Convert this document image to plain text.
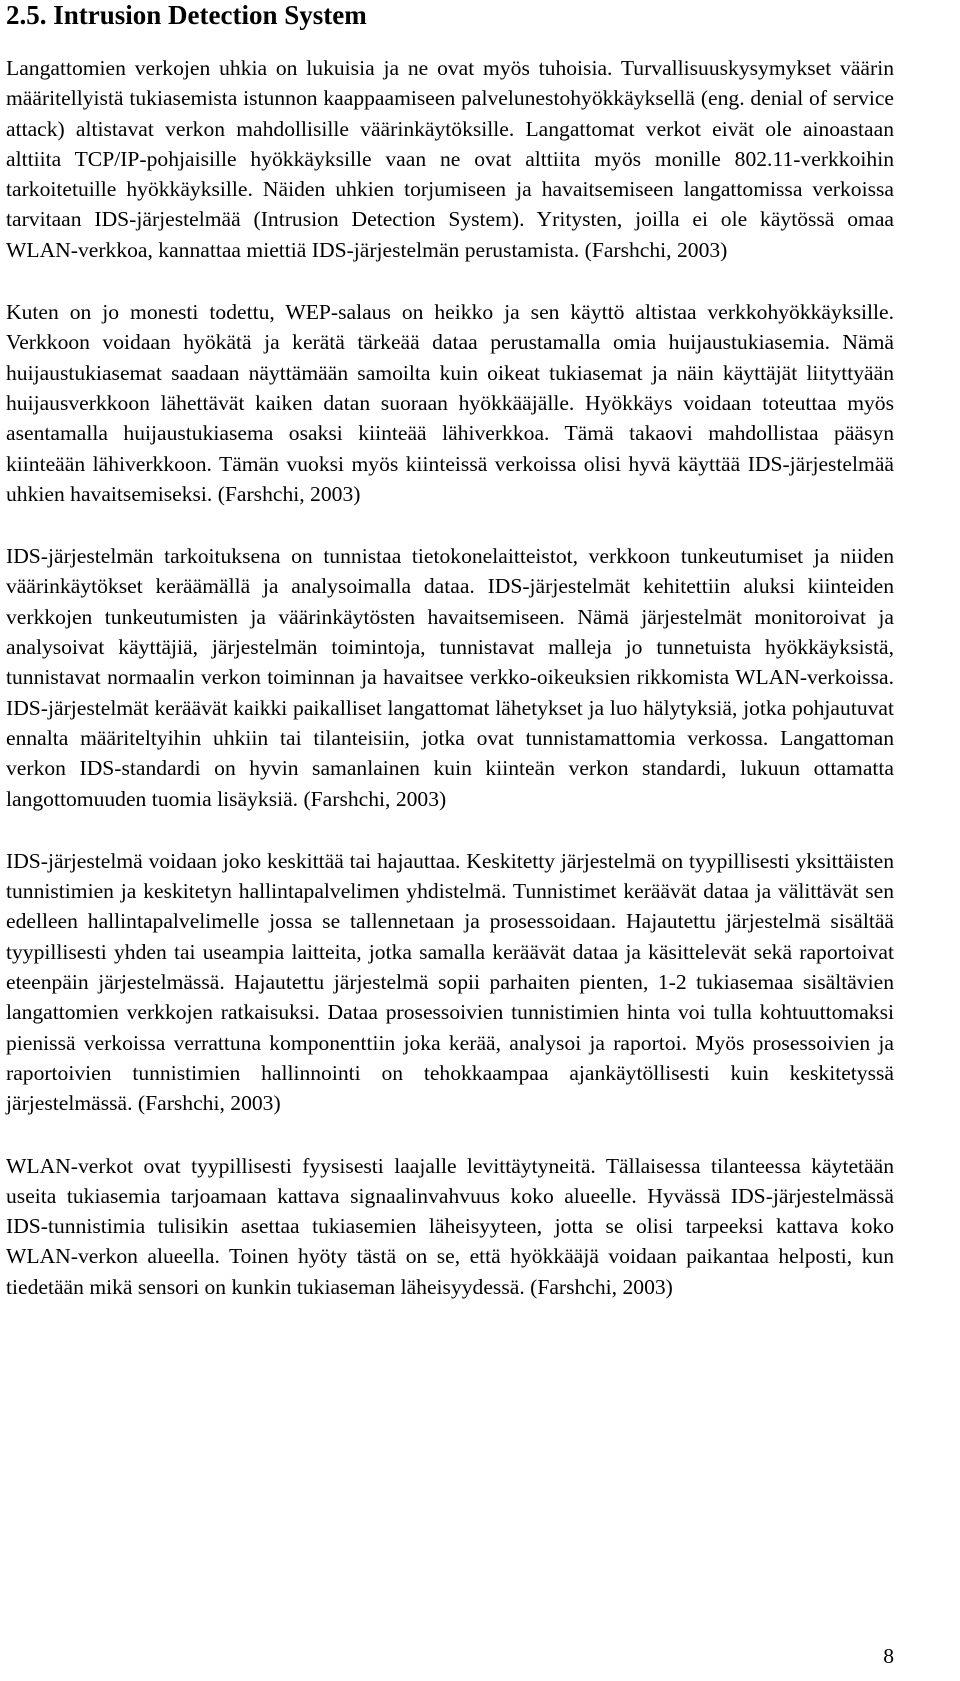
2.5. Intrusion Detection System

Langattomien verkojen uhkia on lukuisia ja ne ovat myös tuhoisia. Turvallisuuskysymykset väärin määritellyistä tukiasemista istunnon kaappaamiseen palvelunestohyökkäyksellä (eng. denial of service attack) altistavat verkon mahdollisille väärinkäytöksille. Langattomat verkot eivät ole ainoastaan alttiita TCP/IP-pohjaisille hyökkäyksille vaan ne ovat alttiita myös monille 802.11-verkkoihin tarkoitetuille hyökkäyksille. Näiden uhkien torjumiseen ja havaitsemiseen langattomissa verkoissa tarvitaan IDS-järjestelmää (Intrusion Detection System). Yritysten, joilla ei ole käytössä omaa WLAN-verkkoa, kannattaa miettiä IDS-järjestelmän perustamista. (Farshchi, 2003)

Kuten on jo monesti todettu, WEP-salaus on heikko ja sen käyttö altistaa verkkohyökkäyksille. Verkkoon voidaan hyökätä ja kerätä tärkeää dataa perustamalla omia huijaustukiasemia. Nämä huijaustukiasemat saadaan näyttämään samoilta kuin oikeat tukiasemat ja näin käyttäjät liityttyään huijausverkkoon lähettävät kaiken datan suoraan hyökkääjälle. Hyökkäys voidaan toteuttaa myös asentamalla huijaustukiasema osaksi kiinteää lähiverkkoa. Tämä takaovi mahdollistaa pääsyn kiinteään lähiverkkoon. Tämän vuoksi myös kiinteissä verkoissa olisi hyvä käyttää IDS-järjestelmää uhkien havaitsemiseksi. (Farshchi, 2003)

IDS-järjestelmän tarkoituksena on tunnistaa tietokonelaitteistot, verkkoon tunkeutumiset ja niiden väärinkäytökset keräämällä ja analysoimalla dataa. IDS-järjestelmät kehitettiin aluksi kiinteiden verkkojen tunkeutumisten ja väärinkäytösten havaitsemiseen. Nämä järjestelmät monitoroivat ja analysoivat käyttäjiä, järjestelmän toimintoja, tunnistavat malleja jo tunnetuista hyökkäyksistä, tunnistavat normaalin verkon toiminnan ja havaitsee verkko-oikeuksien rikkomista WLAN-verkoissa. IDS-järjestelmät keräävät kaikki paikalliset langattomat lähetykset ja luo hälytyksiä, jotka pohjautuvat ennalta määriteltyihin uhkiin tai tilanteisiin, jotka ovat tunnistamattomia verkossa. Langattoman verkon IDS-standardi on hyvin samanlainen kuin kiinteän verkon standardi, lukuun ottamatta langottomuuden tuomia lisäyksiä. (Farshchi, 2003)

IDS-järjestelmä voidaan joko keskittää tai hajauttaa. Keskitetty järjestelmä on tyypillisesti yksittäisten tunnistimien ja keskitetyn hallintapalvelimen yhdistelmä. Tunnistimet keräävät dataa ja välittävät sen edelleen hallintapalvelimelle jossa se tallennetaan ja prosessoidaan. Hajautettu järjestelmä sisältää tyypillisesti yhden tai useampia laitteita, jotka samalla keräävät dataa ja käsittelevät sekä raportoivat eteenpäin järjestelmässä. Hajautettu järjestelmä sopii parhaiten pienten, 1-2 tukiasemaa sisältävien langattomien verkkojen ratkaisuksi. Dataa prosessoivien tunnistimien hinta voi tulla kohtuuttomaksi pienissä verkoissa verrattuna komponenttiin joka kerää, analysoi ja raportoi. Myös prosessoivien ja raportoivien tunnistimien hallinnointi on tehokkaampaa ajankäytöllisesti kuin keskitetyssä järjestelmässä. (Farshchi, 2003)

WLAN-verkot ovat tyypillisesti fyysisesti laajalle levittäytyneitä. Tällaisessa tilanteessa käytetään useita tukiasemia tarjoamaan kattava signaalinvahvuus koko alueelle. Hyvässä IDS-järjestelmässä IDS-tunnistimia tulisikin asettaa tukiasemien läheisyyteen, jotta se olisi tarpeeksi kattava koko WLAN-verkon alueella. Toinen hyöty tästä on se, että hyökkääjä voidaan paikantaa helposti, kun tiedetään mikä sensori on kunkin tukiaseman läheisyydessä. (Farshchi, 2003)

8
